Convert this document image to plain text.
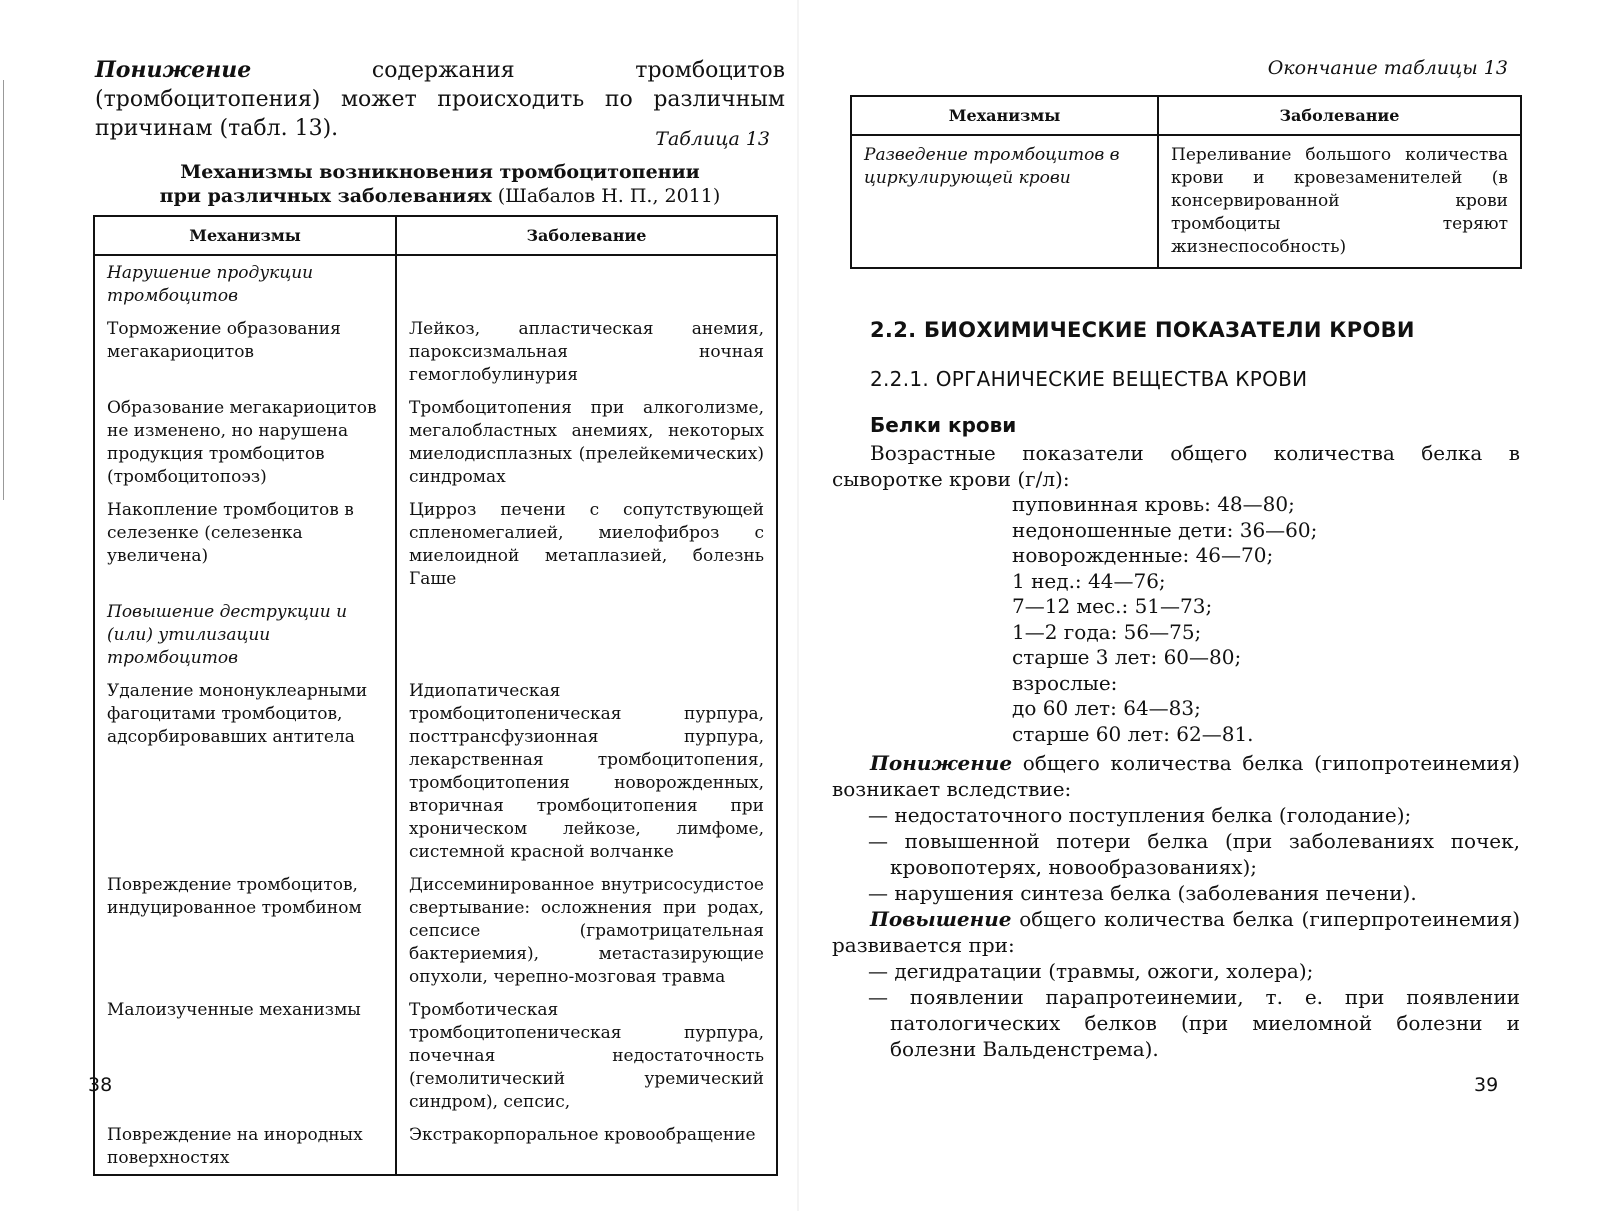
Понижение содержания тромбоцитов (тромбоцитопения) может происходить по различным причинам (табл. 13).	Таблица 13
Механизмы возникновения тромбоцитопении
при различных заболеваниях (Шабалов Н. П., 2011)
Механизмы	Заболевание
Нарушение продукции тромбоцитов	
Торможение образования мегакариоцитов	Лейкоз, апластическая анемия, пароксизмальная ночная гемоглобулинурия
Образование мегакариоцитов не изменено, но нарушена продукция тромбоцитов (тромбоцитопоэз)	Тромбоцитопения при алкоголизме, мегалобластных анемиях, некоторых миелодисплазных (прелейкемических) синдромах
Накопление тромбоцитов в селезенке (селезенка увеличена)	Цирроз печени с сопутствующей спленомегалией, миелофиброз с миелоидной метаплазией, болезнь Гаше
Повышение деструкции и (или) утилизации тромбоцитов	
Удаление мононуклеарными фагоцитами тромбоцитов, адсорбировавших антитела	Идиопатическая тромбоцитопеническая пурпура, посттрансфузионная пурпура, лекарственная тромбоцитопения, тромбоцитопения новорожденных, вторичная тромбоцитопения при хроническом лейкозе, лимфоме, системной красной волчанке
Повреждение тромбоцитов, индуцированное тромбином	Диссеминированное внутрисосудистое свертывание: осложнения при родах, сепсисе (грамотрицательная бактериемия), метастазирующие опухоли, черепно-мозговая травма
Малоизученные механизмы	Тромботическая тромбоцитопеническая пурпура, почечная недостаточность (гемолитический уремический синдром), сепсис,
Повреждение на инородных поверхностях	Экстракорпоральное кровообращение
38
Окончание таблицы 13
Механизмы	Заболевание
Разведение тромбоцитов в циркулирующей крови	Переливание большого количества крови и кровезаменителей (в консервированной крови тромбоциты теряют жизнеспособность)
2.2. БИОХИМИЧЕСКИЕ ПОКАЗАТЕЛИ КРОВИ
2.2.1. ОРГАНИЧЕСКИЕ ВЕЩЕСТВА КРОВИ
Белки крови

Возрастные показатели общего количества белка в сыворотке крови (г/л):

пуповинная кровь: 48—80;
недоношенные дети: 36—60;
новорожденные: 46—70;
1 нед.: 44—76;
7—12 мес.: 51—73;
1—2 года: 56—75;
старше 3 лет: 60—80;
взрослые:
до 60 лет: 64—83;
старше 60 лет: 62—81.

Понижение общего количества белка (гипопротеинемия) возникает вследствие:

— недостаточного поступления белка (голодание);
— повышенной потери белка (при заболеваниях почек, кровопотерях, новообразованиях);
— нарушения синтеза белка (заболевания печени).

Повышение общего количества белка (гиперпротеинемия) развивается при:

— дегидратации (травмы, ожоги, холера);
— появлении парапротеинемии, т. е. при появлении патологических белков (при миеломной болезни и болезни Вальденстрема).
39
